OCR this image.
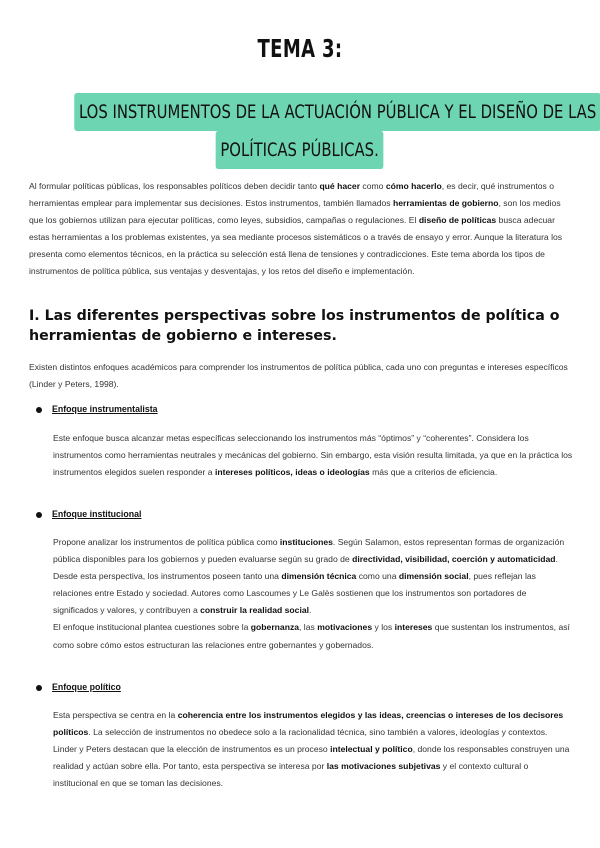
TEMA 3:
LOS INSTRUMENTOS DE LA ACTUACIÓN PÚBLICA Y EL DISEÑO DE LAS
POLÍTICAS PÚBLICAS.

Al formular políticas públicas, los responsables políticos deben decidir tanto qué hacer como cómo hacerlo, es decir, qué instrumentos o herramientas emplear para implementar sus decisiones. Estos instrumentos, también llamados herramientas de gobierno, son los medios que los gobiernos utilizan para ejecutar políticas, como leyes, subsidios, campañas o regulaciones. El diseño de políticas busca adecuar estas herramientas a los problemas existentes, ya sea mediante procesos sistemáticos o a través de ensayo y error. Aunque la literatura los presenta como elementos técnicos, en la práctica su selección está llena de tensiones y contradicciones. Este tema aborda los tipos de instrumentos de política pública, sus ventajas y desventajas, y los retos del diseño e implementación.

I. Las diferentes perspectivas sobre los instrumentos de política o herramientas de gobierno e intereses.

Existen distintos enfoques académicos para comprender los instrumentos de política pública, cada uno con preguntas e intereses específicos (Linder y Peters, 1998).

Enfoque instrumentalista
Este enfoque busca alcanzar metas específicas seleccionando los instrumentos más “óptimos” y “coherentes”. Considera los instrumentos como herramientas neutrales y mecánicas del gobierno. Sin embargo, esta visión resulta limitada, ya que en la práctica los instrumentos elegidos suelen responder a intereses políticos, ideas o ideologías más que a criterios de eficiencia.
Enfoque institucional
Propone analizar los instrumentos de política pública como instituciones. Según Salamon, estos representan formas de organización pública disponibles para los gobiernos y pueden evaluarse según su grado de directividad, visibilidad, coerción y automaticidad.
Desde esta perspectiva, los instrumentos poseen tanto una dimensión técnica como una dimensión social, pues reflejan las relaciones entre Estado y sociedad. Autores como Lascoumes y Le Galès sostienen que los instrumentos son portadores de significados y valores, y contribuyen a construir la realidad social.
El enfoque institucional plantea cuestiones sobre la gobernanza, las motivaciones y los intereses que sustentan los instrumentos, así como sobre cómo estos estructuran las relaciones entre gobernantes y gobernados.
Enfoque político
Esta perspectiva se centra en la coherencia entre los instrumentos elegidos y las ideas, creencias o intereses de los decisores políticos. La selección de instrumentos no obedece solo a la racionalidad técnica, sino también a valores, ideologías y contextos.
Linder y Peters destacan que la elección de instrumentos es un proceso intelectual y político, donde los responsables construyen una realidad y actúan sobre ella. Por tanto, esta perspectiva se interesa por las motivaciones subjetivas y el contexto cultural o institucional en que se toman las decisiones.
